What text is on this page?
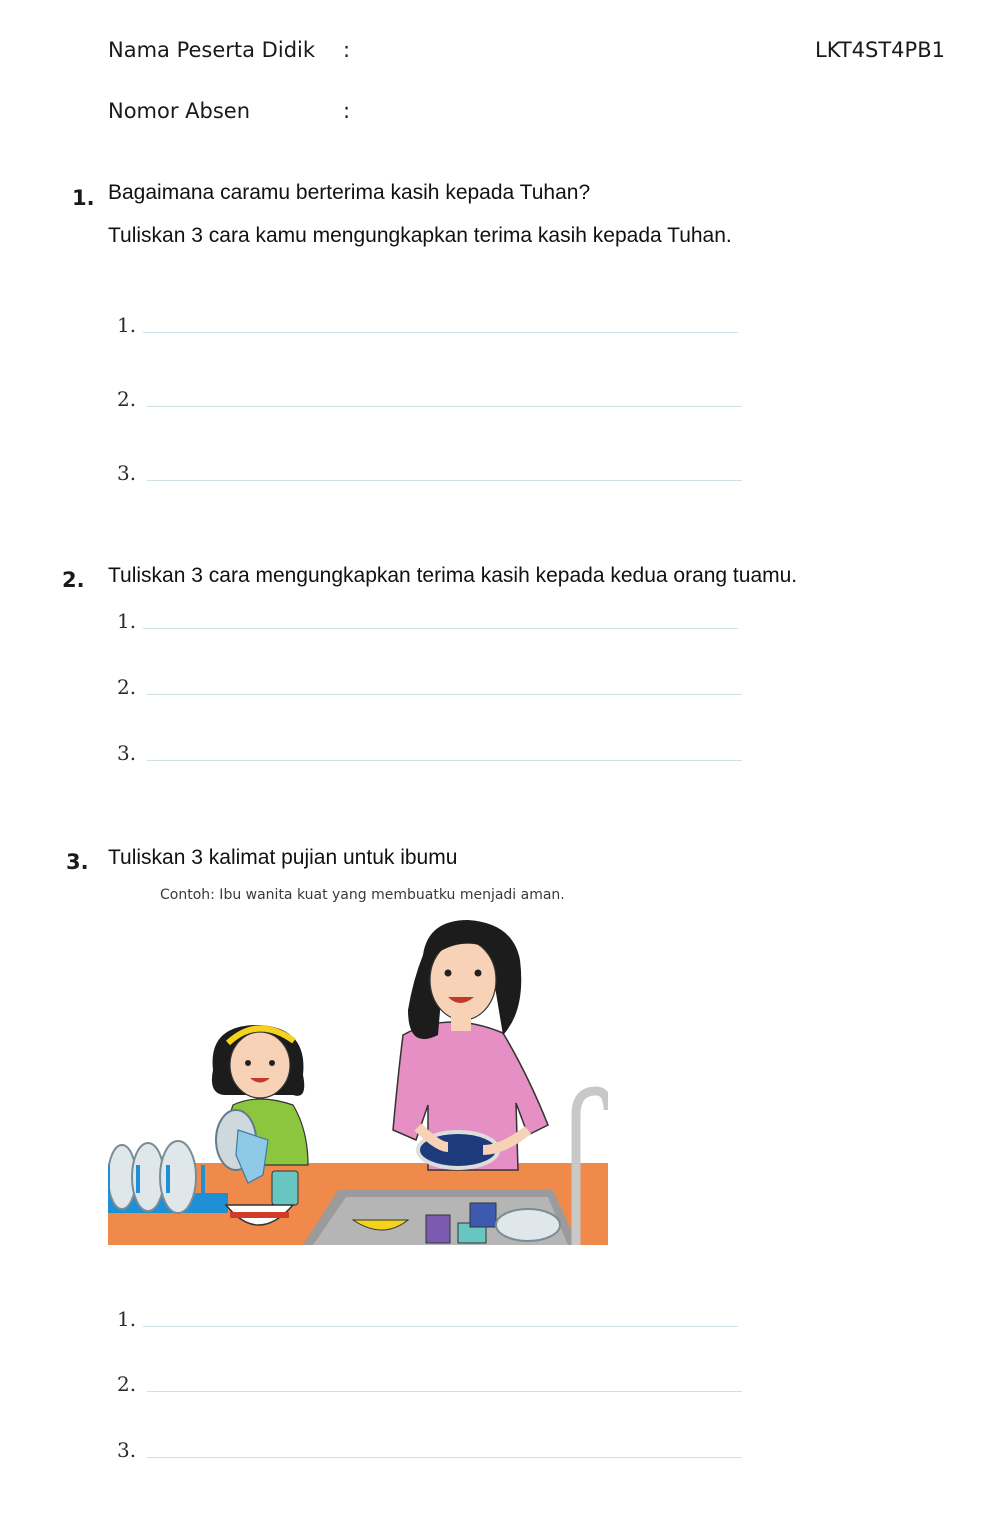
Nama Peserta Didik :	LKT4ST4PB1
Nomor Absen	:
1. Bagaimana caramu berterima kasih kepada Tuhan?
Tuliskan 3 cara kamu mengungkapkan terima kasih kepada Tuhan.
1.
2.
3.
2. Tuliskan 3 cara mengungkapkan terima kasih kepada kedua orang tuamu.
1.
2.
3.
3. Tuliskan 3 kalimat pujian untuk ibumu
Contoh: Ibu wanita kuat yang membuatku menjadi aman.
1.
2.
3.
